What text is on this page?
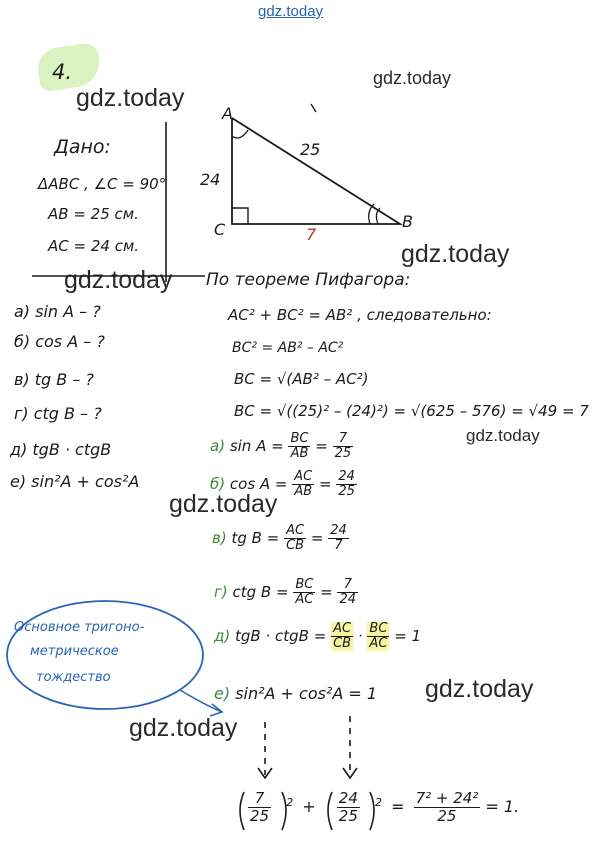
gdz.today
4.	gdz.today
gdz.today
gdz.today
gdz.today
gdz.today
gdz.today
gdz.today
gdz.today
A
B
C
25
24
7
Дано:
ΔABC , ∠C = 90°
AB = 25 см.
AC = 24 см.
а) sin A – ?
б) cos A – ?
в) tg B – ?
г) ctg B – ?
д) tgB · ctgB
е) sin²A + cos²A
По теореме Пифагора:
AC² + BC² = AB² , следовательно:
BC² = AB² – AC²
BC = √(AB² – AC²)
BC = √((25)² – (24)²) = √(625 – 576) = √49 = 7
а) $\sin A = \frac{BC}{AB} = \frac{7}{25}$
б) $\cos A = \frac{AC}{AB} = \frac{24}{25}$
в) tg $B = \frac{AC}{CB} = \frac{24}{7}$
г) ctg $B = \frac{BC}{AC} = \frac{7}{24}$
д) tgB · ctgB = $\frac{AC}{CB} \cdot \frac{BC}{AC} = 1$
е) sin²A + cos²A = 1
Основное тригоно-
метрическое
тождество
$\frac{7}{25} ^2 + \frac{24}{25} ^2 = \frac{\text{7² + 24²}}{25} = 1$.
